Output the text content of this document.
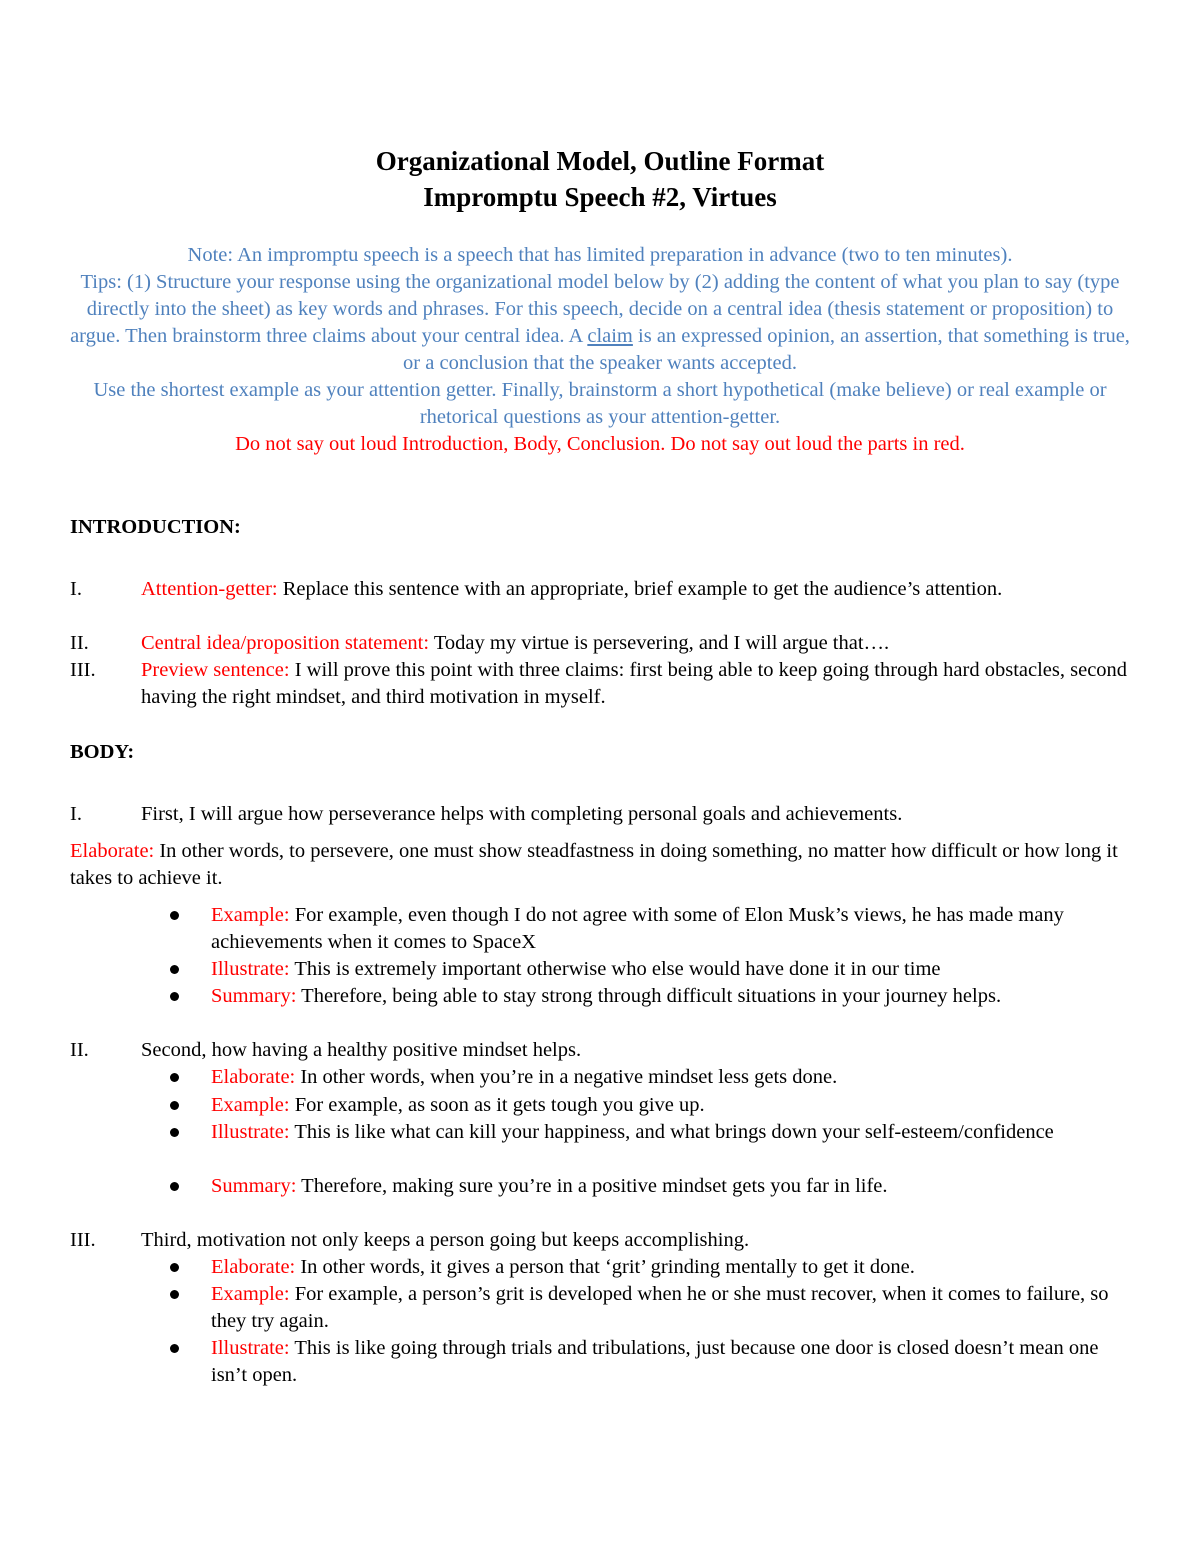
Organizational Model, Outline Format
Impromptu Speech #2, Virtues

Note: An impromptu speech is a speech that has limited preparation in advance (two to ten minutes).

Tips: (1) Structure your response using the organizational model below by (2) adding the content of what you plan to say (type directly into the sheet) as key words and phrases. For this speech, decide on a central idea (thesis statement or proposition) to argue. Then brainstorm three claims about your central idea. A claim is an expressed opinion, an assertion, that something is true, or a conclusion that the speaker wants accepted.

Use the shortest example as your attention getter. Finally, brainstorm a short hypothetical (make believe) or real example or rhetorical questions as your attention-getter.

Do not say out loud Introduction, Body, Conclusion. Do not say out loud the parts in red.

INTRODUCTION:
I.	Attention-getter: Replace this sentence with an appropriate, brief example to get the audience’s attention.
II.	Central idea/proposition statement: Today my virtue is persevering, and I will argue that….
III. Preview sentence: I will prove this point with three claims: first being able to keep going through hard obstacles, second having the right mindset, and third motivation in myself.
BODY:
I.	First, I will argue how perseverance helps with completing personal goals and achievements.
Elaborate: In other words, to persevere, one must show steadfastness in doing something, no matter how difficult or how long it takes to achieve it.
Example: For example, even though I do not agree with some of Elon Musk’s views, he has made many achievements when it comes to SpaceX
Illustrate: This is extremely important otherwise who else would have done it in our time
Summary: Therefore, being able to stay strong through difficult situations in your journey helps.
II.	Second, how having a healthy positive mindset helps.
Elaborate: In other words, when you’re in a negative mindset less gets done.
Example: For example, as soon as it gets tough you give up.
Illustrate: This is like what can kill your happiness, and what brings down your self-esteem/confidence
Summary: Therefore, making sure you’re in a positive mindset gets you far in life.
III. Third, motivation not only keeps a person going but keeps accomplishing.
Elaborate: In other words, it gives a person that ‘grit’ grinding mentally to get it done.
Example: For example, a person’s grit is developed when he or she must recover, when it comes to failure, so they try again.
Illustrate: This is like going through trials and tribulations, just because one door is closed doesn’t mean one isn’t open.
